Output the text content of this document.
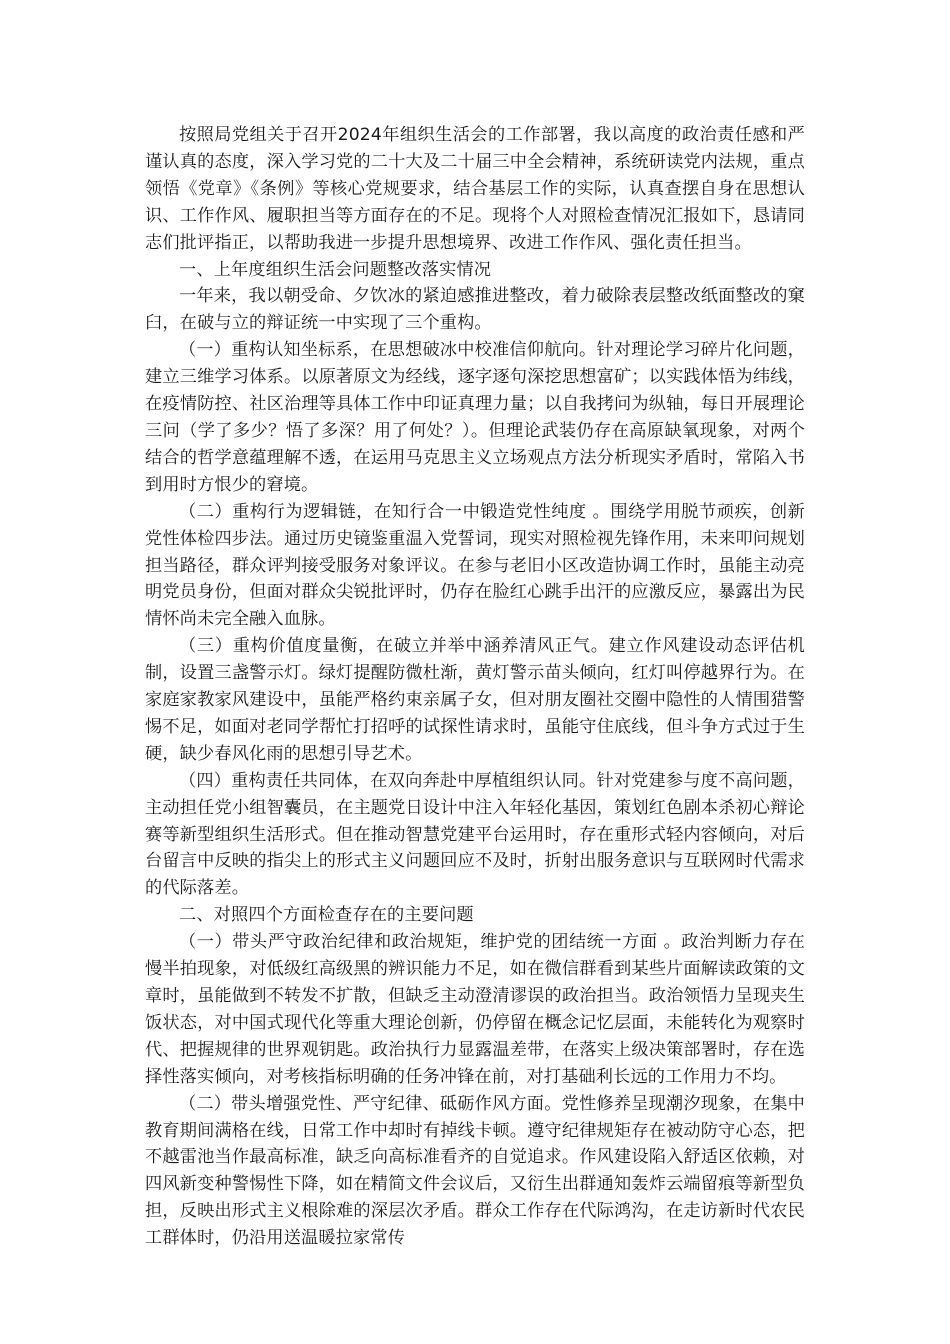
按照局党组关于召开2024年组织生活会的工作部署，我以高度的政治责任感和严谨认真的态度，深入学习党的二十大及二十届三中全会精神，系统研读党内法规，重点领悟《党章》《条例》等核心党规要求，结合基层工作的实际，认真查摆自身在思想认识、工作作风、履职担当等方面存在的不足。现将个人对照检查情况汇报如下，恳请同志们批评指正，以帮助我进一步提升思想境界、改进工作作风、强化责任担当。

一、上年度组织生活会问题整改落实情况

一年来，我以朝受命、夕饮冰的紧迫感推进整改，着力破除表层整改纸面整改的窠臼，在破与立的辩证统一中实现了三个重构。

（一）重构认知坐标系，在思想破冰中校准信仰航向。针对理论学习碎片化问题，建立三维学习体系。以原著原文为经线，逐字逐句深挖思想富矿；以实践体悟为纬线，在疫情防控、社区治理等具体工作中印证真理力量；以自我拷问为纵轴，每日开展理论三问（学了多少？悟了多深？用了何处？）。但理论武装仍存在高原缺氧现象，对两个结合的哲学意蕴理解不透，在运用马克思主义立场观点方法分析现实矛盾时，常陷入书到用时方恨少的窘境。

（二）重构行为逻辑链，在知行合一中锻造党性纯度 。围绕学用脱节顽疾，创新党性体检四步法。通过历史镜鉴重温入党誓词，现实对照检视先锋作用，未来叩问规划担当路径，群众评判接受服务对象评议。在参与老旧小区改造协调工作时，虽能主动亮明党员身份，但面对群众尖锐批评时，仍存在脸红心跳手出汗的应激反应，暴露出为民情怀尚未完全融入血脉。

（三）重构价值度量衡，在破立并举中涵养清风正气。建立作风建设动态评估机制，设置三盏警示灯。绿灯提醒防微杜渐，黄灯警示苗头倾向，红灯叫停越界行为。在家庭家教家风建设中，虽能严格约束亲属子女，但对朋友圈社交圈中隐性的人情围猎警惕不足，如面对老同学帮忙打招呼的试探性请求时，虽能守住底线，但斗争方式过于生硬，缺少春风化雨的思想引导艺术。

（四）重构责任共同体，在双向奔赴中厚植组织认同。针对党建参与度不高问题，主动担任党小组智囊员，在主题党日设计中注入年轻化基因，策划红色剧本杀初心辩论赛等新型组织生活形式。但在推动智慧党建平台运用时，存在重形式轻内容倾向，对后台留言中反映的指尖上的形式主义问题回应不及时，折射出服务意识与互联网时代需求的代际落差。

二、对照四个方面检查存在的主要问题

（一）带头严守政治纪律和政治规矩，维护党的团结统一方面 。政治判断力存在慢半拍现象，对低级红高级黑的辨识能力不足，如在微信群看到某些片面解读政策的文章时，虽能做到不转发不扩散，但缺乏主动澄清谬误的政治担当。政治领悟力呈现夹生饭状态，对中国式现代化等重大理论创新，仍停留在概念记忆层面，未能转化为观察时代、把握规律的世界观钥匙。政治执行力显露温差带，在落实上级决策部署时，存在选择性落实倾向，对考核指标明确的任务冲锋在前，对打基础利长远的工作用力不均。

（二）带头增强党性、严守纪律、砥砺作风方面。党性修养呈现潮汐现象，在集中教育期间满格在线，日常工作中却时有掉线卡顿。遵守纪律规矩存在被动防守心态，把不越雷池当作最高标准，缺乏向高标准看齐的自觉追求。作风建设陷入舒适区依赖，对四风新变种警惕性下降，如在精简文件会议后，又衍生出群通知轰炸云端留痕等新型负担，反映出形式主义根除难的深层次矛盾。群众工作存在代际鸿沟，在走访新时代农民工群体时，仍沿用送温暖拉家常传
